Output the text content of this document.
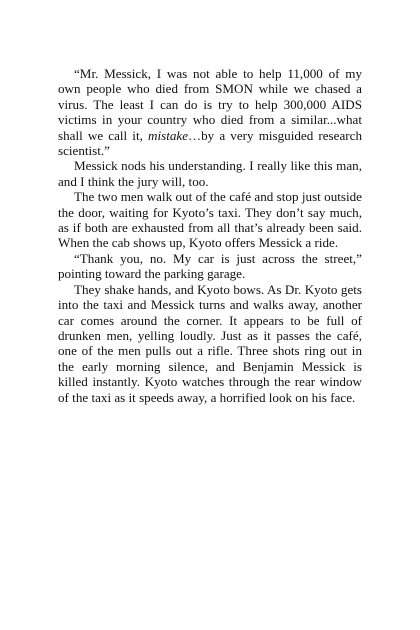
“Mr. Messick, I was not able to help 11,000 of my own people who died from SMON while we chased a virus. The least I can do is try to help 300,000 AIDS victims in your country who died from a similar...what shall we call it, mistake…by a very misguided research scientist.”

Messick nods his understanding. I really like this man, and I think the jury will, too.

The two men walk out of the café and stop just outside the door, waiting for Kyoto’s taxi. They don’t say much, as if both are exhausted from all that’s already been said. When the cab shows up, Kyoto offers Messick a ride.

“Thank you, no. My car is just across the street,” pointing toward the parking garage.

They shake hands, and Kyoto bows. As Dr. Kyoto gets into the taxi and Messick turns and walks away, another car comes around the corner. It appears to be full of drunken men, yelling loudly. Just as it passes the café, one of the men pulls out a rifle. Three shots ring out in the early morning silence, and Benjamin Messick is killed instantly. Kyoto watches through the rear window of the taxi as it speeds away, a horrified look on his face.
